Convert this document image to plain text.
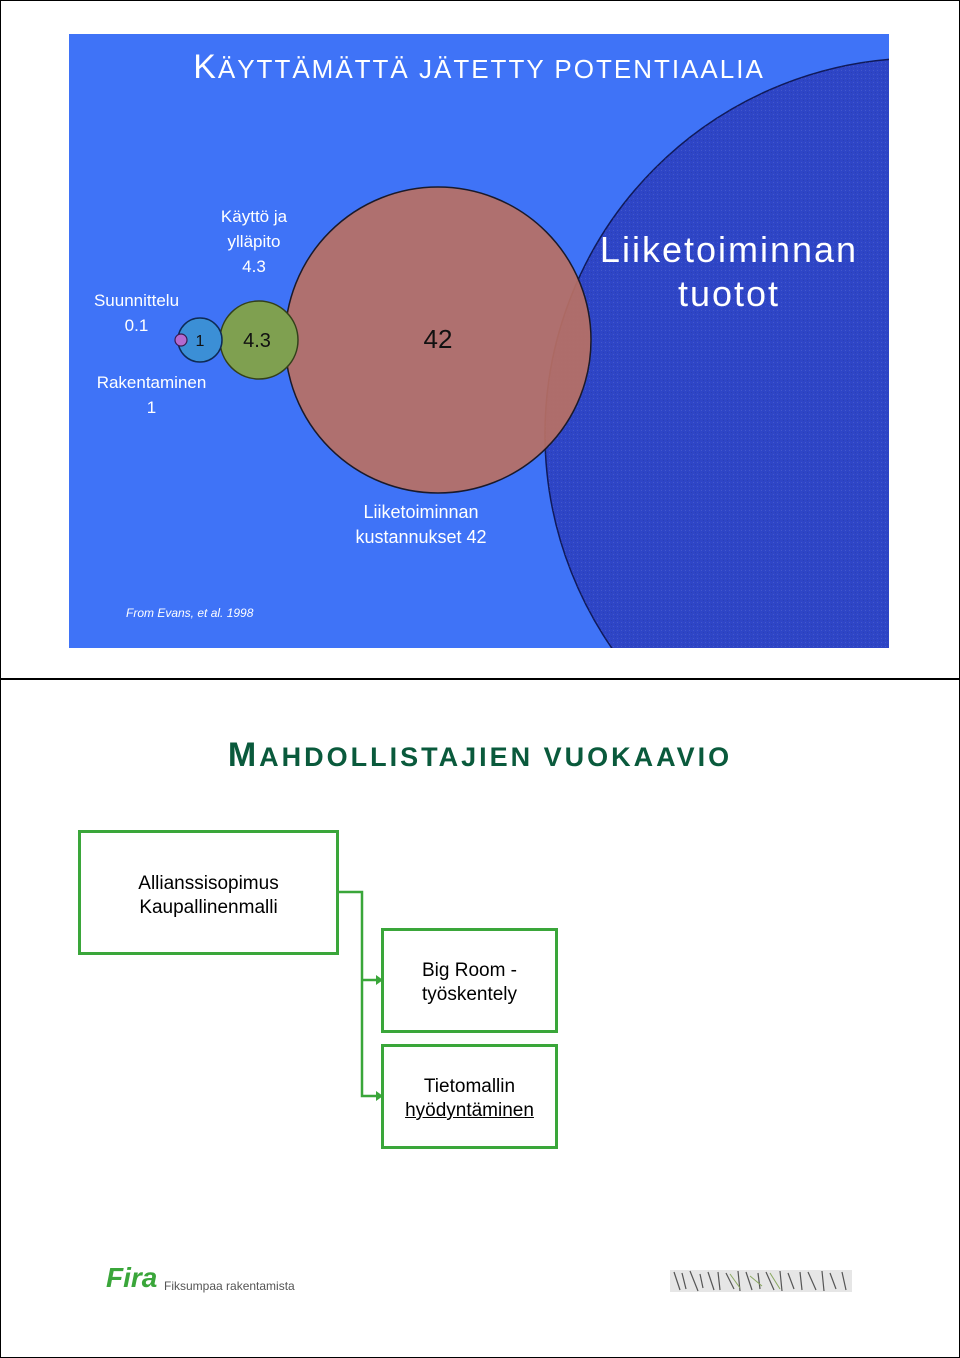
KÄYTTÄMÄTTÄ JÄTETTY POTENTIAALIA
1 4.3	42
Suunnittelu
0.1
Rakentaminen
1
Käyttö ja
ylläpito
4.3	Liiketoiminnan
tuotot
Liiketoiminnan
kustannukset 42
From Evans, et al. 1998
MAHDOLLISTAJIEN VUOKAAVIO
Allianssisopimus
Kaupallinenmalli
Big Room -
työskentely
Tietomallin
hyödyntäminen
Fira Fiksumpaa rakentamista
